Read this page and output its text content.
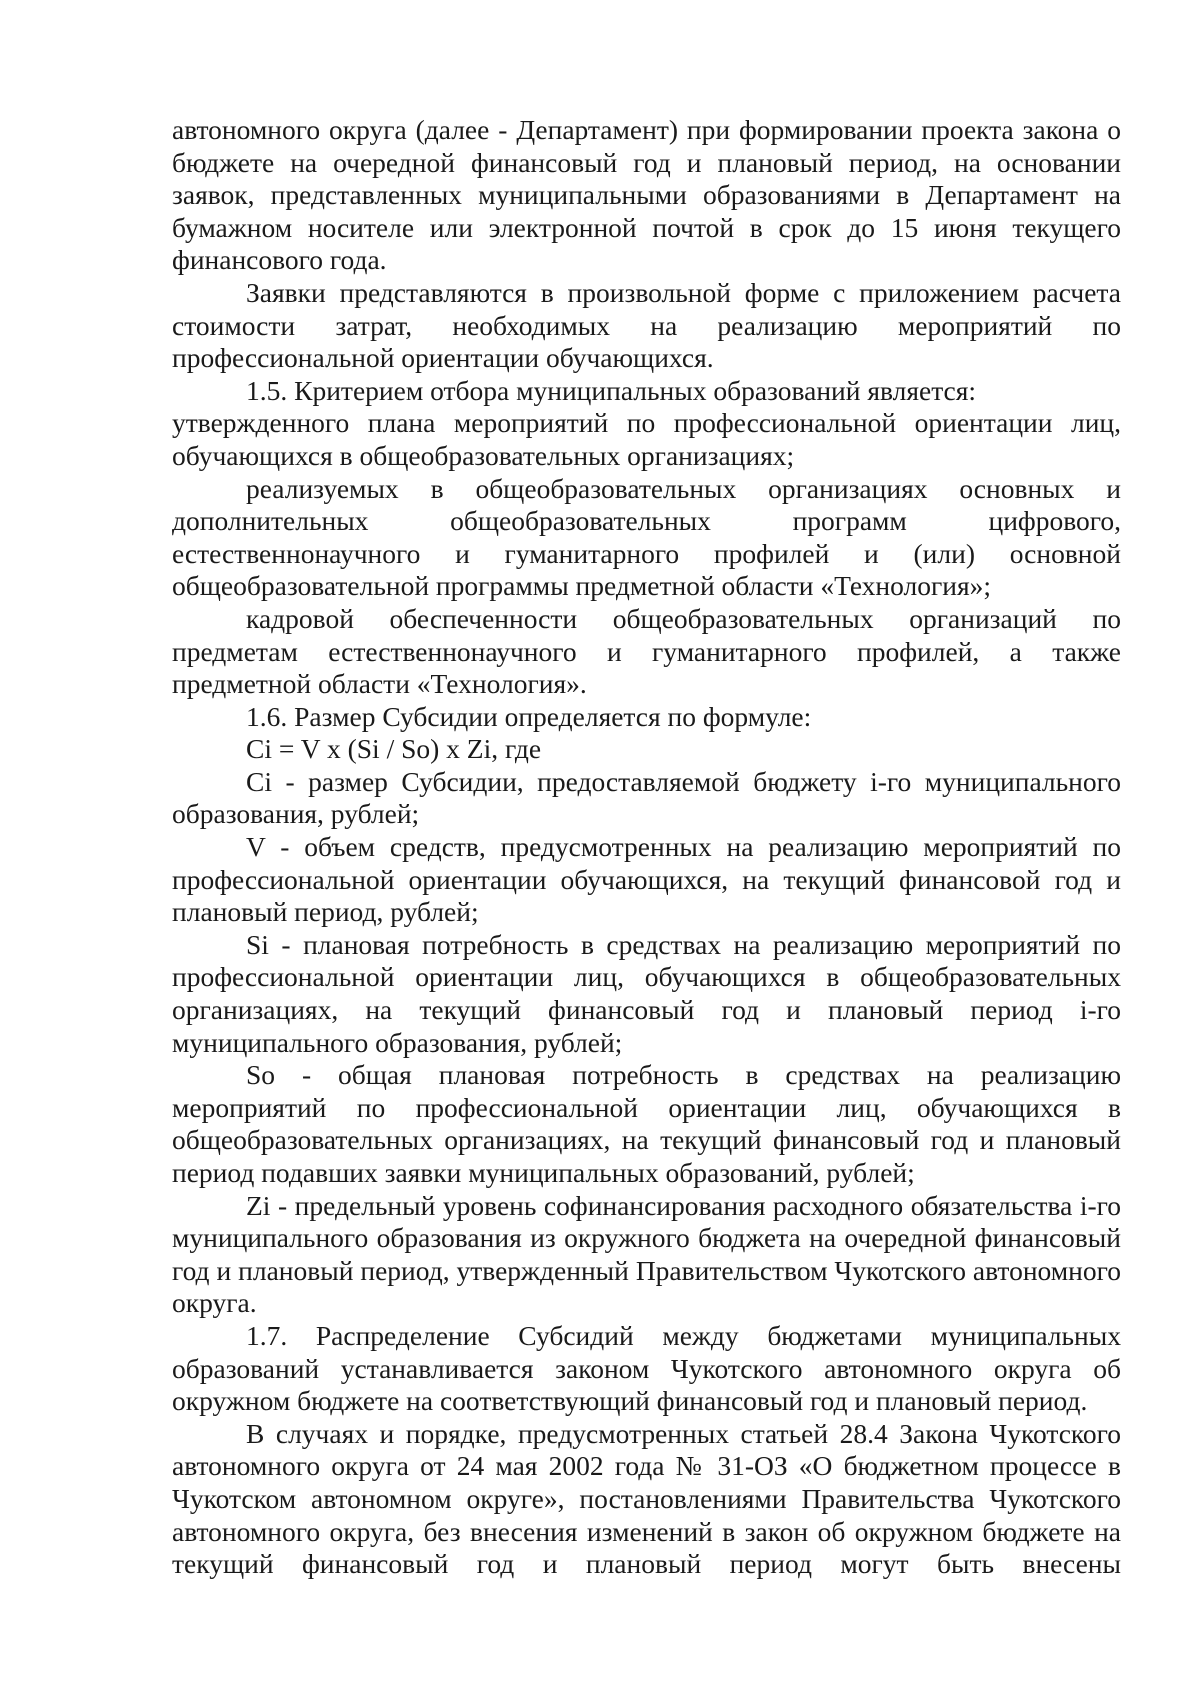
автономного округа (далее - Департамент) при формировании проекта закона о бюджете на очередной финансовый год и плановый период, на основании заявок, представленных муниципальными образованиями в Департамент на бумажном носителе или электронной почтой в срок до 15 июня текущего финансового года.

Заявки представляются в произвольной форме с приложением расчета стоимости затрат, необходимых на реализацию мероприятий по профессиональной ориентации обучающихся.

1.5. Критерием отбора муниципальных образований является:

утвержденного плана мероприятий по профессиональной ориентации лиц, обучающихся в общеобразовательных организациях;

реализуемых в общеобразовательных организациях основных и дополнительных общеобразовательных программ цифрового, естественнонаучного и гуманитарного профилей и (или) основной общеобразовательной программы предметной области «Технология»;

кадровой обеспеченности общеобразовательных организаций по предметам естественнонаучного и гуманитарного профилей, а также предметной области «Технология».

1.6. Размер Субсидии определяется по формуле:

Ci = V x (Si / So) x Zi, где

Ci - размер Субсидии, предоставляемой бюджету i-го муниципального образования, рублей;

V - объем средств, предусмотренных на реализацию мероприятий по профессиональной ориентации обучающихся, на текущий финансовой год и плановый период, рублей;

Si - плановая потребность в средствах на реализацию мероприятий по профессиональной ориентации лиц, обучающихся в общеобразовательных организациях, на текущий финансовый год и плановый период i-го муниципального образования, рублей;

So - общая плановая потребность в средствах на реализацию мероприятий по профессиональной ориентации лиц, обучающихся в общеобразовательных организациях, на текущий финансовый год и плановый период подавших заявки муниципальных образований, рублей;

Zi - предельный уровень софинансирования расходного обязательства i-го муниципального образования из окружного бюджета на очередной финансовый год и плановый период, утвержденный Правительством Чукотского автономного округа.

1.7. Распределение Субсидий между бюджетами муниципальных образований устанавливается законом Чукотского автономного округа об окружном бюджете на соответствующий финансовый год и плановый период.

В случаях и порядке, предусмотренных статьей 28.4 Закона Чукотского автономного округа от 24 мая 2002 года № 31-ОЗ «О бюджетном процессе в Чукотском автономном округе», постановлениями Правительства Чукотского автономного округа, без внесения изменений в закон об окружном бюджете на текущий финансовый год и плановый период могут быть внесены
